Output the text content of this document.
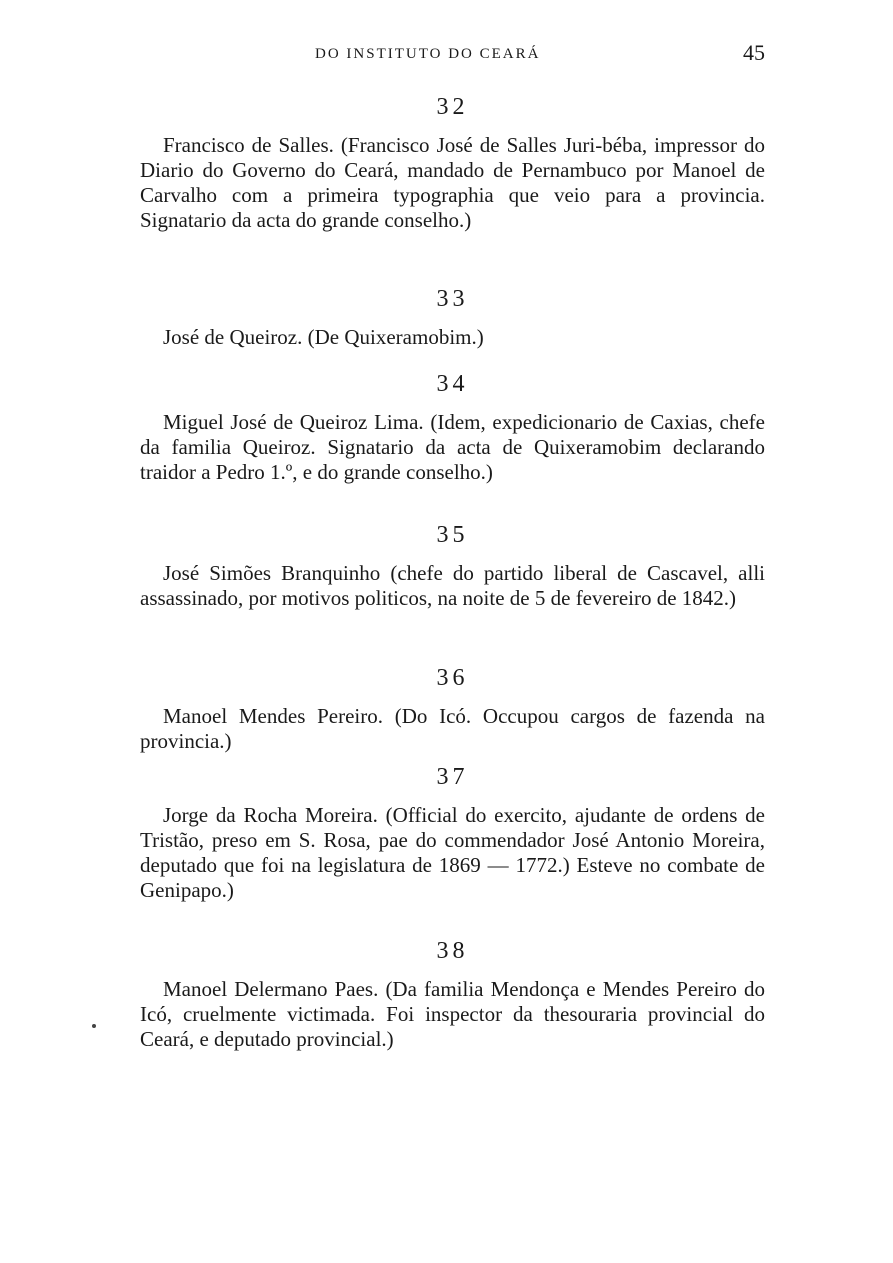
DO INSTITUTO DO CEARÁ	45
32
Francisco de Salles. (Francisco José de Salles Juri-béba, impressor do Diario do Governo do Ceará, mandado de Pernambuco por Manoel de Carvalho com a primeira typographia que veio para a provincia. Signatario da acta do grande conselho.)
33
José de Queiroz. (De Quixeramobim.)
34
Miguel José de Queiroz Lima. (Idem, expedicionario de Caxias, chefe da familia Queiroz. Signatario da acta de Quixeramobim declarando traidor a Pedro 1.º, e do grande conselho.)
35
José Simões Branquinho (chefe do partido liberal de Cascavel, alli assassinado, por motivos politicos, na noite de 5 de fevereiro de 1842.)
36
Manoel Mendes Pereiro. (Do Icó. Occupou cargos de fazenda na provincia.)
37
Jorge da Rocha Moreira. (Official do exercito, ajudante de ordens de Tristão, preso em S. Rosa, pae do commendador José Antonio Moreira, deputado que foi na legislatura de 1869 — 1772.) Esteve no combate de Genipapo.)
38
Manoel Delermano Paes. (Da familia Mendonça e Mendes Pereiro do Icó, cruelmente victimada. Foi inspector da thesouraria provincial do Ceará, e deputado provincial.)
